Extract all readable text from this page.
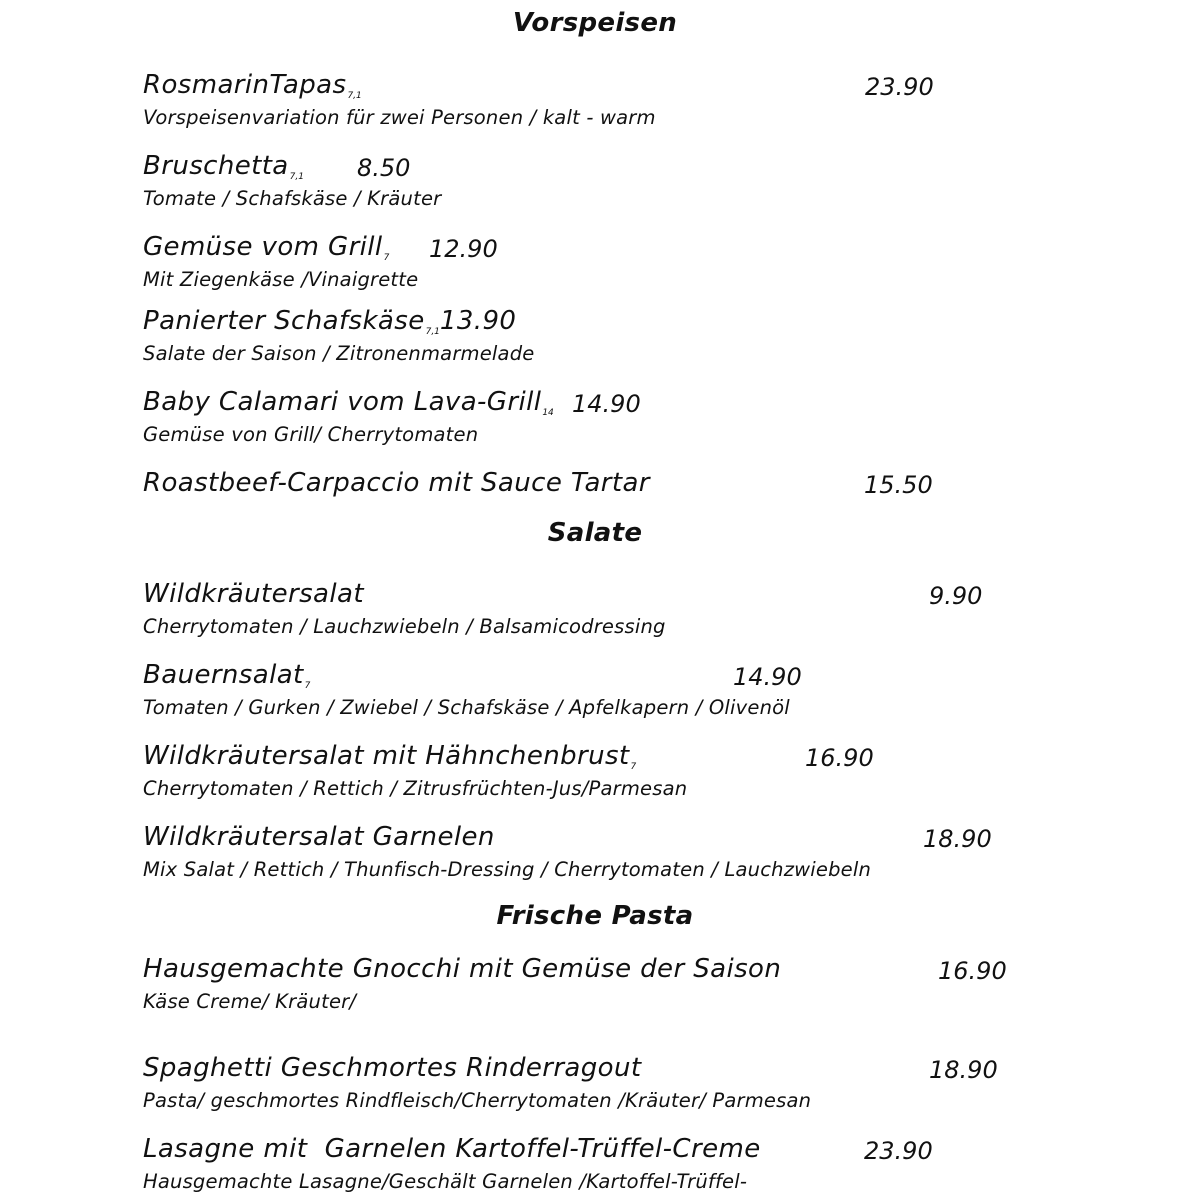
Vorspeisen
RosmarinTapas$_{7,1}$	23.90
Vorspeisenvariation für zwei Personen / kalt - warm
Bruschetta$_{7,1}$ 8.50
Tomate / Schafskäse / Kräuter
Gemüse vom Grill$_7$ 12.90
Mit Ziegenkäse /Vinaigrette
Panierter Schafskäse$_{7,1}$13.90
Salate der Saison / Zitronenmarmelade
Baby Calamari vom Lava-Grill$_{14}$ 14.90
Gemüse von Grill/ Cherrytomaten
Roastbeef-Carpaccio mit Sauce Tartar	15.50
Salate
Wildkräutersalat	9.90
Cherrytomaten / Lauchzwiebeln / Balsamicodressing
Bauernsalat$_7$	14.90
Tomaten / Gurken / Zwiebel / Schafskäse / Apfelkapern / Olivenöl
Wildkräutersalat mit Hähnchenbrust$_7$	16.90
Cherrytomaten / Rettich / Zitrusfrüchten-Jus/Parmesan
Wildkräutersalat Garnelen	18.90
Mix Salat / Rettich / Thunfisch-Dressing / Cherrytomaten / Lauchzwiebeln
Frische Pasta
Hausgemachte Gnocchi mit Gemüse der Saison	16.90
Käse Creme/ Kräuter/
Spaghetti Geschmortes Rinderragout	18.90
Pasta/ geschmortes Rindfleisch/Cherrytomaten /Kräuter/ Parmesan
Lasagne mit  Garnelen Kartoffel-Trüffel-Creme	23.90
Hausgemachte Lasagne/Geschält Garnelen /Kartoffel-Trüffel-
